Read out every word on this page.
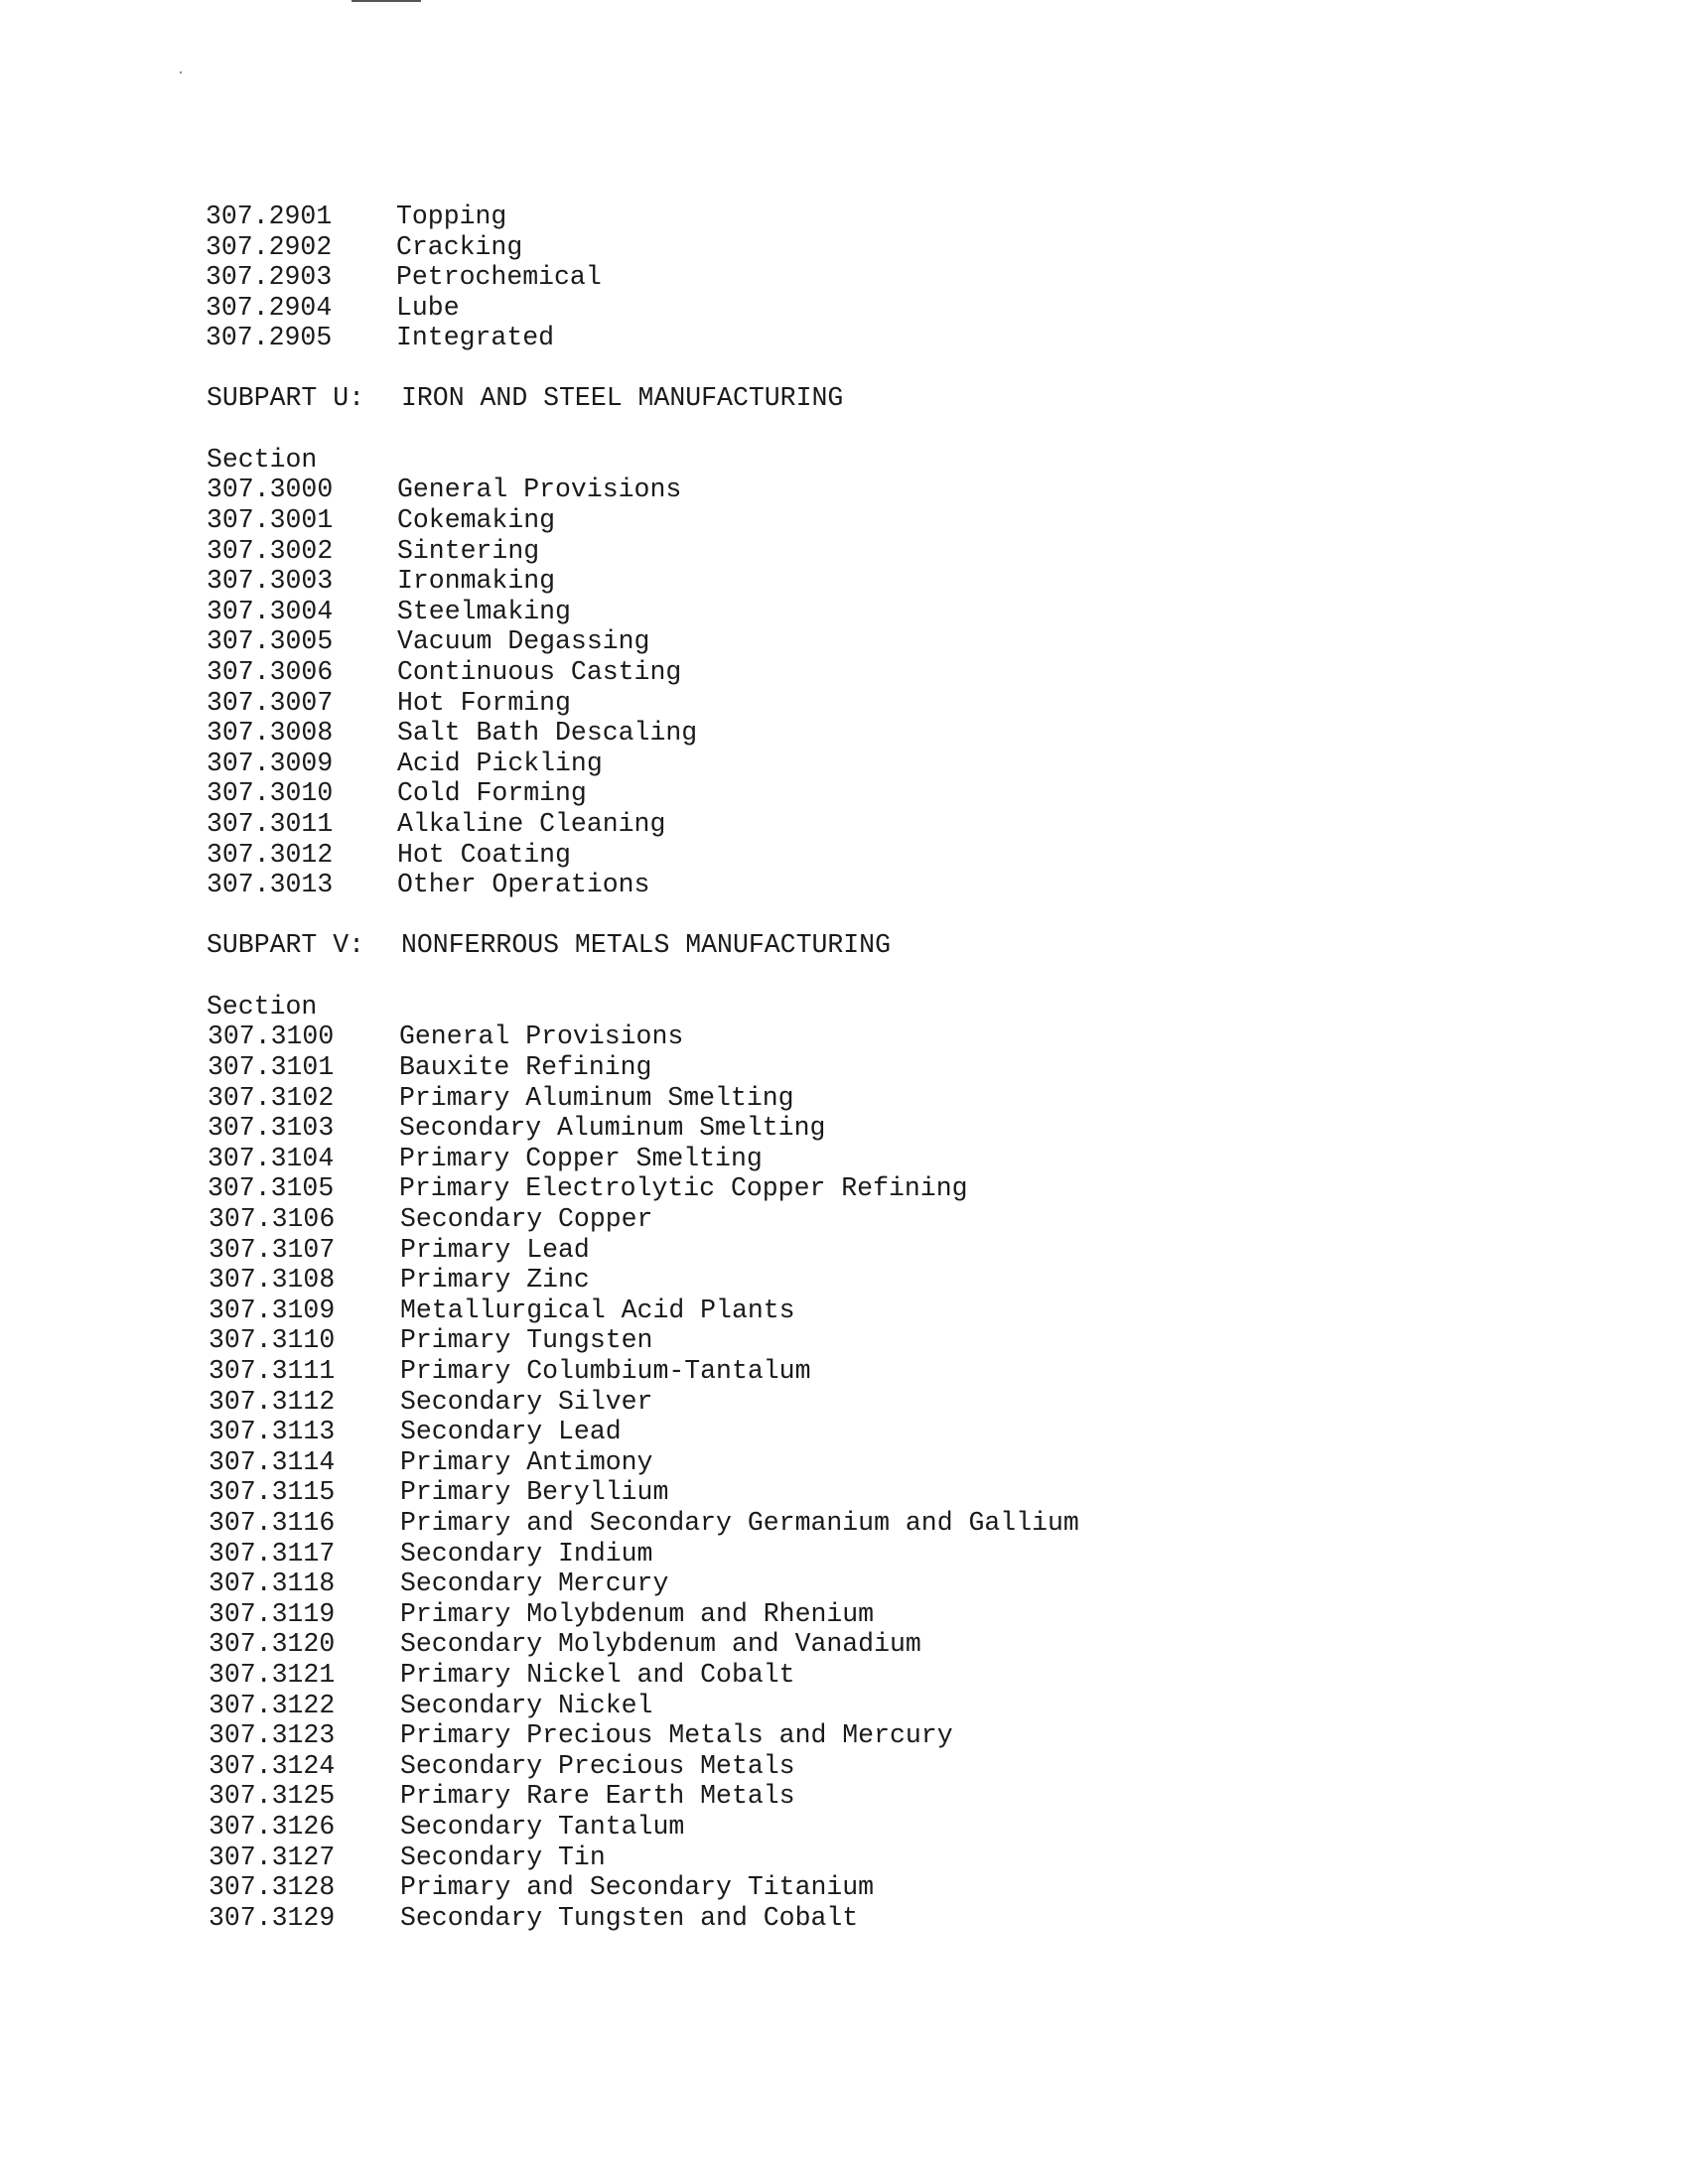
307.2901 Topping
307.2902 Cracking
307.2903 Petrochemical
307.2904 Lube
307.2905 Integrated
SUBPART U: IRON AND STEEL MANUFACTURING
Section
307.3000 General Provisions
307.3001 Cokemaking
307.3002 Sintering
307.3003 Ironmaking
307.3004 Steelmaking
307.3005 Vacuum Degassing
307.3006 Continuous Casting
307.3007 Hot Forming
307.3008 Salt Bath Descaling
307.3009 Acid Pickling
307.3010 Cold Forming
307.3011 Alkaline Cleaning
307.3012 Hot Coating
307.3013 Other Operations
SUBPART V: NONFERROUS METALS MANUFACTURING
Section
307.3100 General Provisions
307.3101 Bauxite Refining
307.3102 Primary Aluminum Smelting
307.3103 Secondary Aluminum Smelting
307.3104 Primary Copper Smelting
307.3105 Primary Electrolytic Copper Refining
307.3106 Secondary Copper
307.3107 Primary Lead
307.3108 Primary Zinc
307.3109 Metallurgical Acid Plants
307.3110 Primary Tungsten
307.3111 Primary Columbium-Tantalum
307.3112 Secondary Silver
307.3113 Secondary Lead
307.3114 Primary Antimony
307.3115 Primary Beryllium
307.3116 Primary and Secondary Germanium and Gallium
307.3117 Secondary Indium
307.3118 Secondary Mercury
307.3119 Primary Molybdenum and Rhenium
307.3120 Secondary Molybdenum and Vanadium
307.3121 Primary Nickel and Cobalt
307.3122 Secondary Nickel
307.3123 Primary Precious Metals and Mercury
307.3124 Secondary Precious Metals
307.3125 Primary Rare Earth Metals
307.3126 Secondary Tantalum
307.3127 Secondary Tin
307.3128 Primary and Secondary Titanium
307.3129 Secondary Tungsten and Cobalt
